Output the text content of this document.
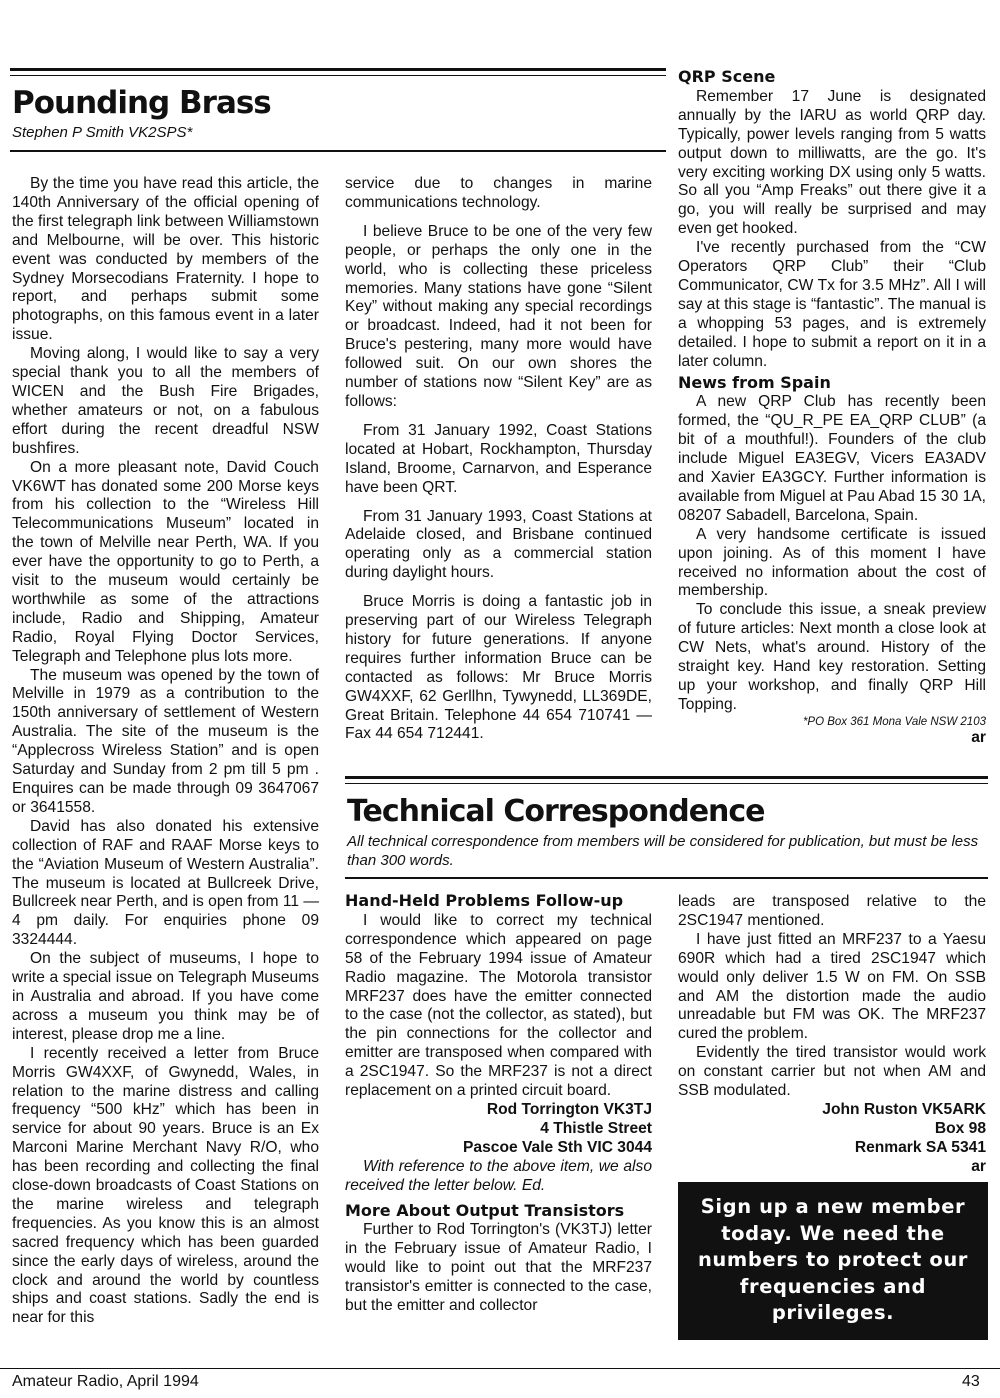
Pounding Brass
Stephen P Smith VK2SPS*

By the time you have read this article, the 140th Anniversary of the official opening of the first telegraph link between Williamstown and Melbourne, will be over. This historic event was conducted by members of the Sydney Morsecodians Fraternity. I hope to report, and perhaps submit some photographs, on this famous event in a later issue.

Moving along, I would like to say a very special thank you to all the members of WICEN and the Bush Fire Brigades, whether amateurs or not, on a fabulous effort during the recent dreadful NSW bushfires.

On a more pleasant note, David Couch VK6WT has donated some 200 Morse keys from his collection to the “Wireless Hill Telecommunications Museum” located in the town of Melville near Perth, WA. If you ever have the opportunity to go to Perth, a visit to the museum would certainly be worthwhile as some of the attractions include, Radio and Shipping, Amateur Radio, Royal Flying Doctor Services, Telegraph and Telephone plus lots more.

The museum was opened by the town of Melville in 1979 as a contribution to the 150th anniversary of settlement of Western Australia. The site of the museum is the “Applecross Wireless Station” and is open Saturday and Sunday from 2 pm till 5 pm . Enquires can be made through 09 3647067 or 3641558.

David has also donated his extensive collection of RAF and RAAF Morse keys to the “Aviation Museum of Western Australia”. The museum is located at Bullcreek Drive, Bullcreek near Perth, and is open from 11 — 4 pm daily. For enquiries phone 09 3324444.

On the subject of museums, I hope to write a special issue on Telegraph Museums in Australia and abroad. If you have come across a museum you think may be of interest, please drop me a line.

I recently received a letter from Bruce Morris GW4XXF, of Gwynedd, Wales, in relation to the marine distress and calling frequency “500 kHz” which has been in service for about 90 years. Bruce is an Ex Marconi Marine Merchant Navy R/O, who has been recording and collecting the final close-down broadcasts of Coast Stations on the marine wireless and telegraph frequencies. As you know this is an almost sacred frequency which has been guarded since the early days of wireless, around the clock and around the world by countless ships and coast stations. Sadly the end is near for this

service due to changes in marine communications technology.

I believe Bruce to be one of the very few people, or perhaps the only one in the world, who is collecting these priceless memories. Many stations have gone “Silent Key” without making any special recordings or broadcast. Indeed, had it not been for Bruce's pestering, many more would have followed suit. On our own shores the number of stations now “Silent Key” are as follows:

From 31 January 1992, Coast Stations located at Hobart, Rockhampton, Thursday Island, Broome, Carnarvon, and Esperance have been QRT.

From 31 January 1993, Coast Stations at Adelaide closed, and Brisbane continued operating only as a commercial station during daylight hours.

Bruce Morris is doing a fantastic job in preserving part of our Wireless Telegraph history for future generations. If anyone requires further information Bruce can be contacted as follows: Mr Bruce Morris GW4XXF, 62 Gerllhn, Tywynedd, LL369DE, Great Britain. Telephone 44 654 710741 — Fax 44 654 712441.

QRP Scene

Remember 17 June is designated annually by the IARU as world QRP day. Typically, power levels ranging from 5 watts output down to milliwatts, are the go. It's very exciting working DX using only 5 watts. So all you “Amp Freaks” out there give it a go, you will really be surprised and may even get hooked.

I've recently purchased from the “CW Operators QRP Club” their “Club Communicator, CW Tx for 3.5 MHz”. All I will say at this stage is “fantastic”. The manual is a whopping 53 pages, and is extremely detailed. I hope to submit a report on it in a later column.

News from Spain

A new QRP Club has recently been formed, the “QU_R_PE EA_QRP CLUB” (a bit of a mouthful!). Founders of the club include Miguel EA3EGV, Vicers EA3ADV and Xavier EA3GCY. Further information is available from Miguel at Pau Abad 15 30 1A, 08207 Sabadell, Barcelona, Spain.

A very handsome certificate is issued upon joining. As of this moment I have received no information about the cost of membership.

To conclude this issue, a sneak preview of future articles: Next month a close look at CW Nets, what's around. History of the straight key. Hand key restoration. Setting up your workshop, and finally QRP Hill Topping.

*PO Box 361 Mona Vale NSW 2103
ar
Technical Correspondence
All technical correspondence from members will be considered for publication, but must be less than 300 words.
Hand-Held Problems Follow-up

I would like to correct my technical correspondence which appeared on page 58 of the February 1994 issue of Amateur Radio magazine. The Motorola transistor MRF237 does have the emitter connected to the case (not the collector, as stated), but the pin connections for the collector and emitter are transposed when compared with a 2SC1947. So the MRF237 is not a direct replacement on a printed circuit board.

Rod Torrington VK3TJ
4 Thistle Street
Pascoe Vale Sth VIC 3044

With reference to the above item, we also received the letter below. Ed.

More About Output Transistors

Further to Rod Torrington's (VK3TJ) letter in the February issue of Amateur Radio, I would like to point out that the MRF237 transistor's emitter is connected to the case, but the emitter and collector

leads are transposed relative to the 2SC1947 mentioned.

I have just fitted an MRF237 to a Yaesu 690R which had a tired 2SC1947 which would only deliver 1.5 W on FM. On SSB and AM the distortion made the audio unreadable but FM was OK. The MRF237 cured the problem.

Evidently the tired transistor would work on constant carrier but not when AM and SSB modulated.

John Ruston VK5ARK
Box 98
Renmark SA 5341
ar
Sign up a new member today. We need the numbers to protect our frequencies and privileges.
Amateur Radio, April 1994	43
